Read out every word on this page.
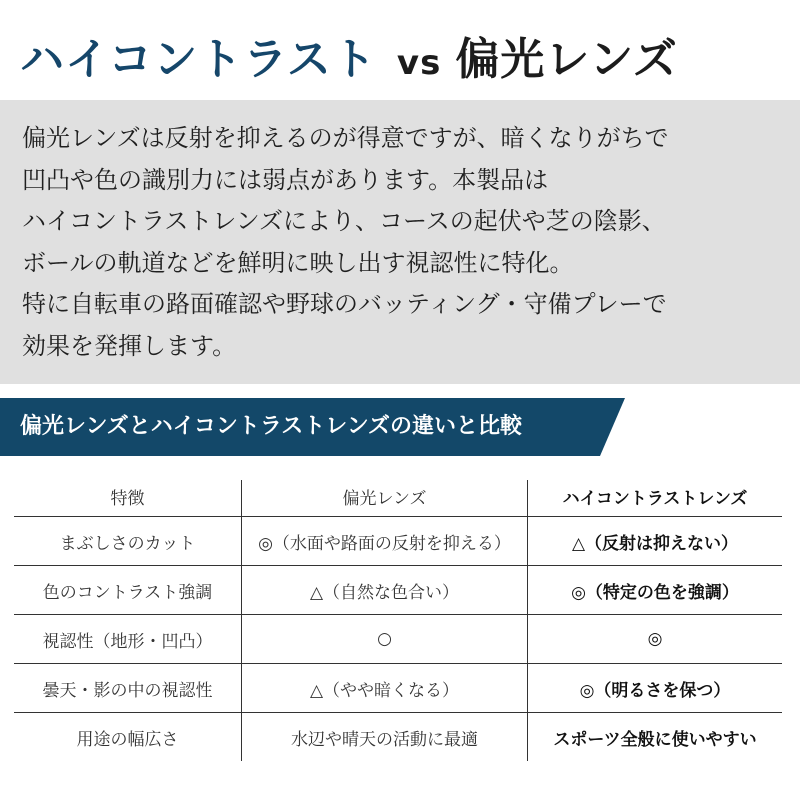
ハイコントラスト vs 偏光レンズ
偏光レンズは反射を抑えるのが得意ですが、暗くなりがちで
凹凸や色の識別力には弱点があります。本製品は
ハイコントラストレンズにより、コースの起伏や芝の陰影、
ボールの軌道などを鮮明に映し出す視認性に特化。
特に自転車の路面確認や野球のバッティング・守備プレーで
効果を発揮します。
偏光レンズとハイコントラストレンズの違いと比較
特徴	偏光レンズ	ハイコントラストレンズ
まぶしさのカット	◎（水面や路面の反射を抑える）	△（反射は抑えない）
色のコントラスト強調	△（自然な色合い）	◎（特定の色を強調）
視認性（地形・凹凸）	○	◎
曇天・影の中の視認性	△（やや暗くなる）	◎（明るさを保つ）
用途の幅広さ	水辺や晴天の活動に最適	スポーツ全般に使いやすい
